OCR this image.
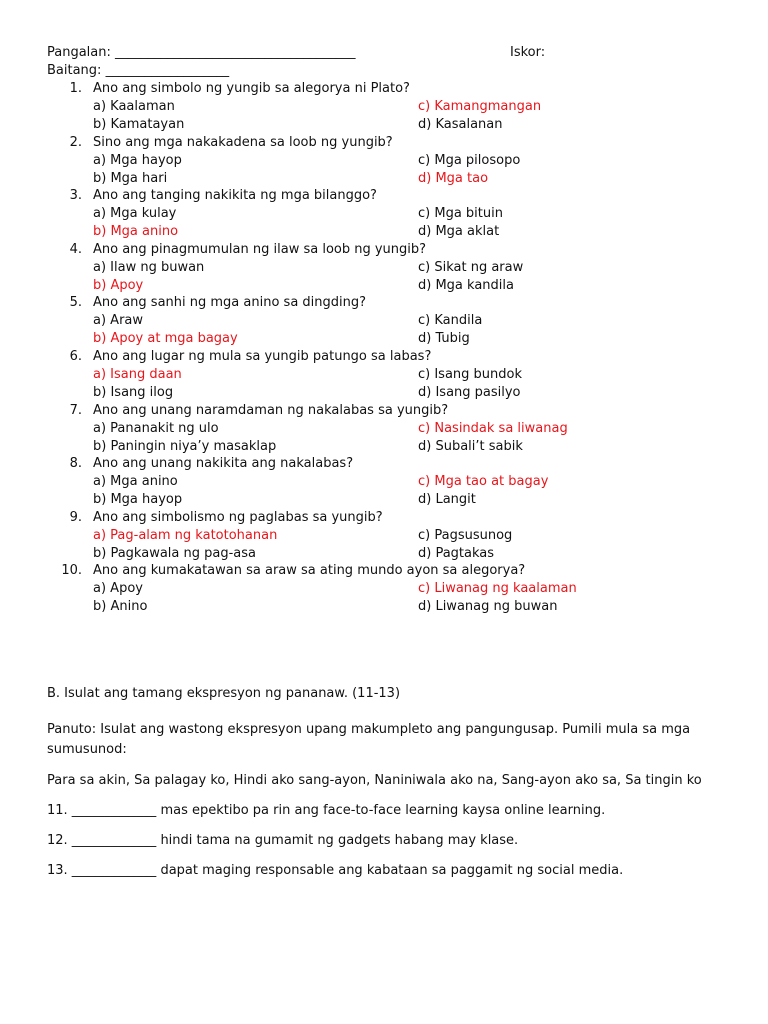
Pangalan: _____________________________________	Iskor:
Baitang: ___________________
1. Ano ang simbolo ng yungib sa alegorya ni Plato?
a) Kaalaman	c) Kamangmangan
b) Kamatayan	d) Kasalanan
2. Sino ang mga nakakadena sa loob ng yungib?
a) Mga hayop	c) Mga pilosopo
b) Mga hari	d) Mga tao
3. Ano ang tanging nakikita ng mga bilanggo?
a) Mga kulay	c) Mga bituin
b) Mga anino	d) Mga aklat
4. Ano ang pinagmumulan ng ilaw sa loob ng yungib?
a) Ilaw ng buwan	c) Sikat ng araw
b) Apoy	d) Mga kandila
5. Ano ang sanhi ng mga anino sa dingding?
a) Araw	c) Kandila
b) Apoy at mga bagay	d) Tubig
6. Ano ang lugar ng mula sa yungib patungo sa labas?
a) Isang daan	c) Isang bundok
b) Isang ilog	d) Isang pasilyo
7. Ano ang unang naramdaman ng nakalabas sa yungib?
a) Pananakit ng ulo	c) Nasindak sa liwanag
b) Paningin niya’y masaklap	d) Subali’t sabik
8. Ano ang unang nakikita ang nakalabas?
a) Mga anino	c) Mga tao at bagay
b) Mga hayop	d) Langit
9. Ano ang simbolismo ng paglabas sa yungib?
a) Pag-alam ng katotohanan	c) Pagsusunog
b) Pagkawala ng pag-asa	d) Pagtakas
10. Ano ang kumakatawan sa araw sa ating mundo ayon sa alegorya?
a) Apoy	c) Liwanag ng kaalaman
b) Anino	d) Liwanag ng buwan
B. Isulat ang tamang ekspresyon ng pananaw. (11-13)
Panuto: Isulat ang wastong ekspresyon upang makumpleto ang pangungusap. Pumili mula sa mga sumusunod:
Para sa akin, Sa palagay ko, Hindi ako sang-ayon, Naniniwala ako na, Sang-ayon ako sa, Sa tingin ko
11. _____________ mas epektibo pa rin ang face-to-face learning kaysa online learning.
12. _____________ hindi tama na gumamit ng gadgets habang may klase.
13. _____________ dapat maging responsable ang kabataan sa paggamit ng social media.
